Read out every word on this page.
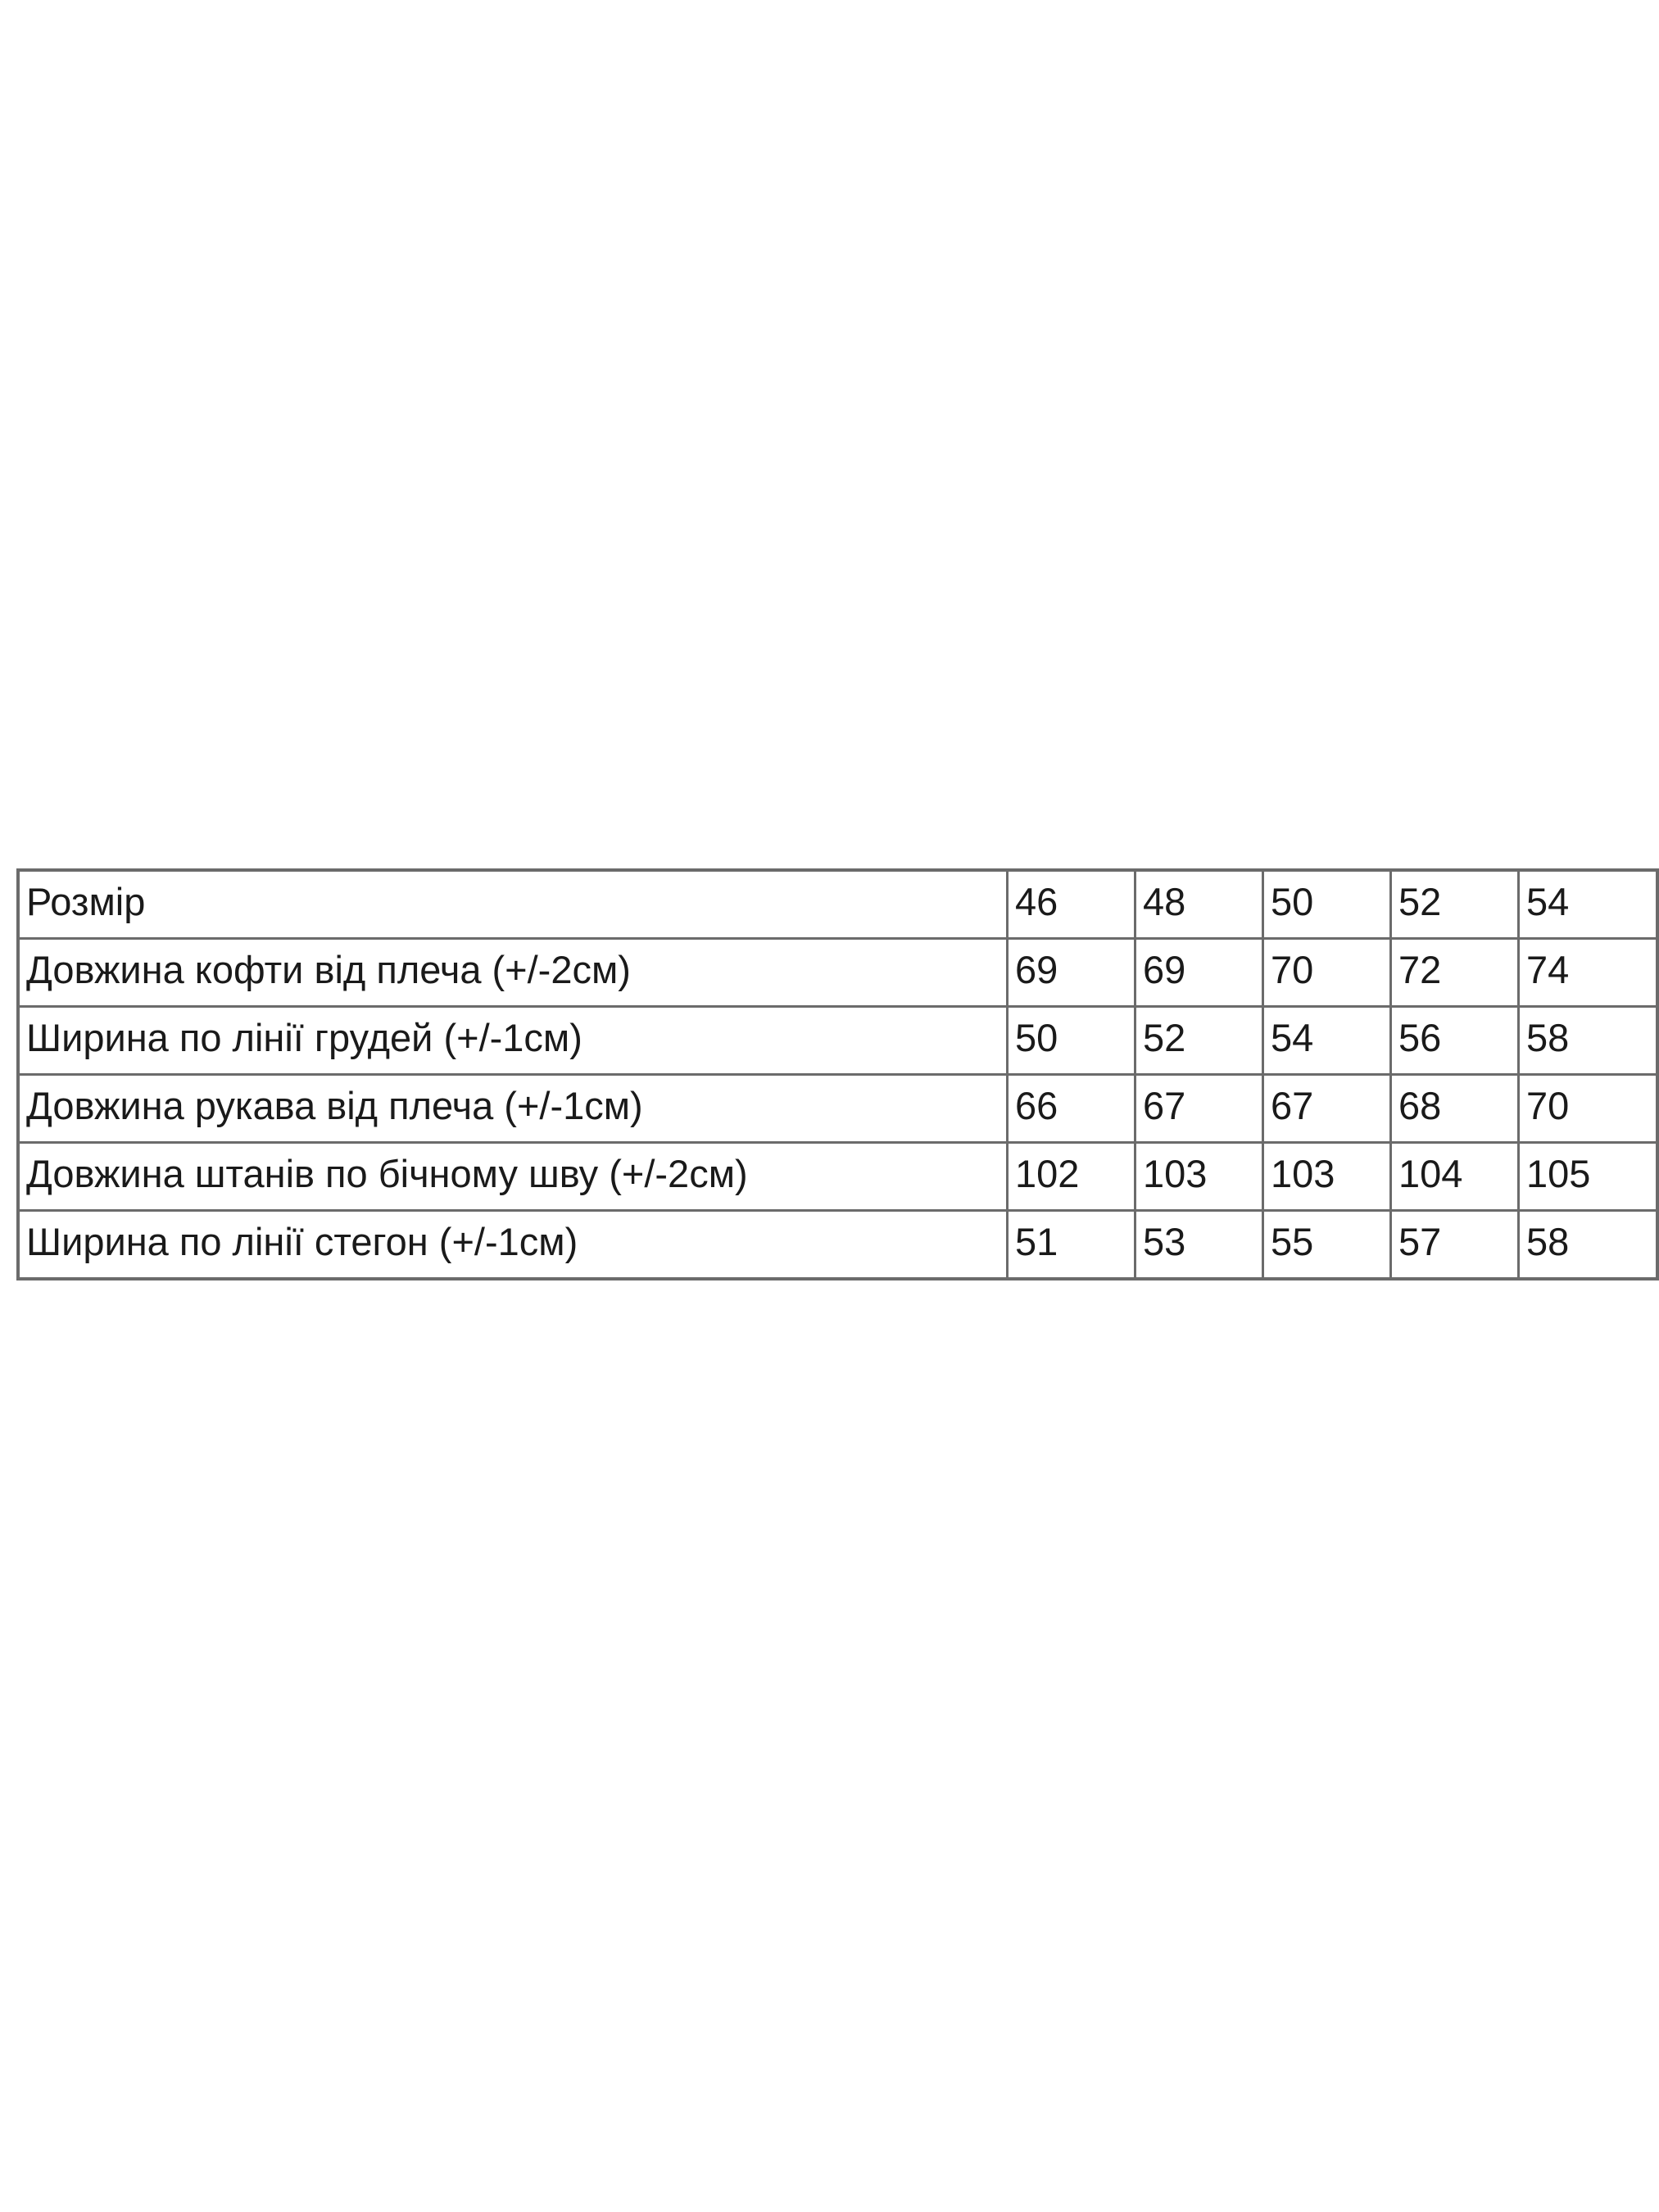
Розмір	46	48	50	52	54
Довжина кофти від плеча (+/-2см)	69	69	70	72	74
Ширина по лінії грудей (+/-1см)	50	52	54	56	58
Довжина рукава від плеча (+/-1см)	66	67	67	68	70
Довжина штанів по бічному шву (+/-2см)	102	103	103	104	105
Ширина по лінії стегон (+/-1см)	51	53	55	57	58
